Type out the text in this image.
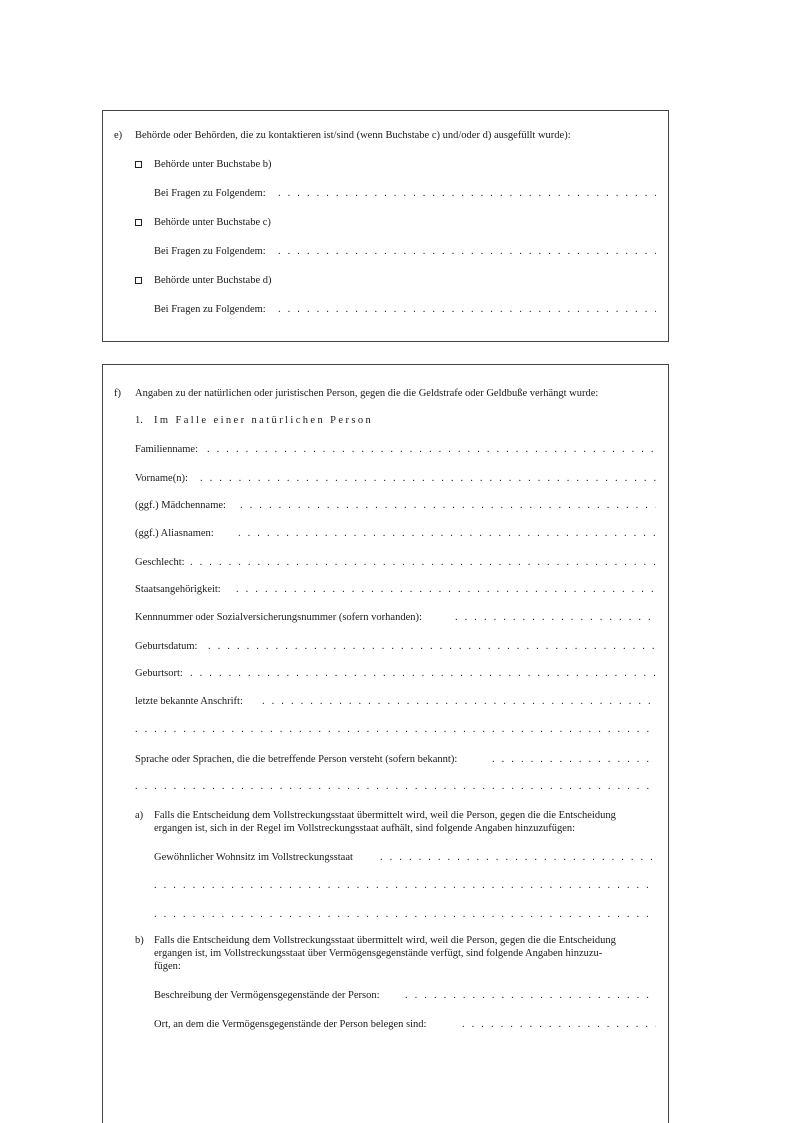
e) Behörde oder Behörden, die zu kontaktieren ist/sind (wenn Buchstabe c) und/oder d) ausgefüllt wurde):
Behörde unter Buchstabe b)
Bei Fragen zu Folgendem:
. . .
Behörde unter Buchstabe c)
Bei Fragen zu Folgendem:
. . .
Behörde unter Buchstabe d)
Bei Fragen zu Folgendem:
. . .
f) Angaben zu der natürlichen oder juristischen Person, gegen die die Geldstrafe oder Geldbuße verhängt wurde:
1. Im Falle einer natürlichen Person
Familienname:
. . .
Vorname(n):
. . .
(ggf.) Mädchenname:
. . .
(ggf.) Aliasnamen:
. . .
Geschlecht:
. . .
Staatsangehörigkeit:
. . .
Kennnummer oder Sozialversicherungsnummer (sofern vorhanden):
. . .
Geburtsdatum:
. . .
Geburtsort:
. . .
letzte bekannte Anschrift:
. . .
. . .
Sprache oder Sprachen, die die betreffende Person versteht (sofern bekannt):
. . .
. . .
a) Falls die Entscheidung dem Vollstreckungsstaat übermittelt wird, weil die Person, gegen die die Entscheidung
ergangen ist, sich in der Regel im Vollstreckungsstaat aufhält, sind folgende Angaben hinzuzufügen:
Gewöhnlicher Wohnsitz im Vollstreckungsstaat
. . .
. . .
. . .
b) Falls die Entscheidung dem Vollstreckungsstaat übermittelt wird, weil die Person, gegen die die Entscheidung
ergangen ist, im Vollstreckungsstaat über Vermögensgegenstände verfügt, sind folgende Angaben hinzuzu-
fügen:
Beschreibung der Vermögensgegenstände der Person:
. . .
Ort, an dem die Vermögensgegenstände der Person belegen sind:
. . .
